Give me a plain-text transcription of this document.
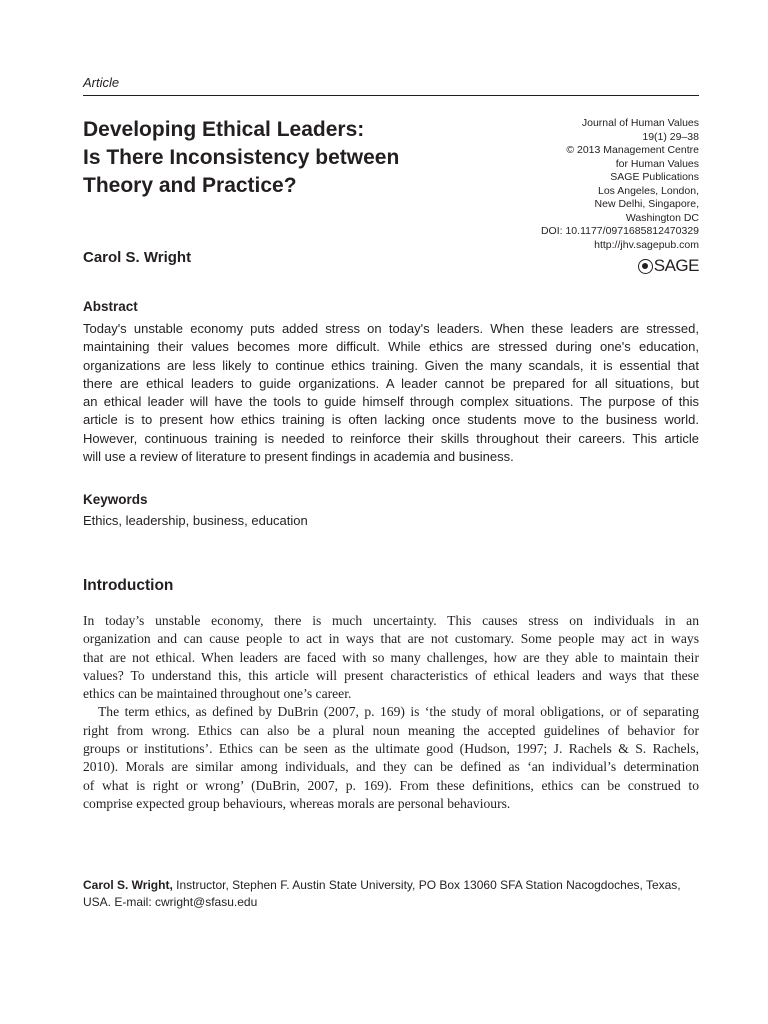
Article
Developing Ethical Leaders:
Is There Inconsistency between
Theory and Practice?
Journal of Human Values
19(1) 29–38
© 2013 Management Centre
for Human Values
SAGE Publications
Los Angeles, London,
New Delhi, Singapore,
Washington DC
DOI: 10.1177/0971685812470329
http://jhv.sagepub.com
SAGE
Carol S. Wright
Abstract
Today's unstable economy puts added stress on today's leaders. When these leaders are stressed,
maintaining their values becomes more difficult. While ethics are stressed during one's education,
organizations are less likely to continue ethics training. Given the many scandals, it is essential that
there are ethical leaders to guide organizations. A leader cannot be prepared for all situations, but
an ethical leader will have the tools to guide himself through complex situations. The purpose of this
article is to present how ethics training is often lacking once students move to the business world.
However, continuous training is needed to reinforce their skills throughout their careers. This article
will use a review of literature to present findings in academia and business.
Keywords
Ethics, leadership, business, education
Introduction
In today’s unstable economy, there is much uncertainty. This causes stress on individuals in an
organization and can cause people to act in ways that are not customary. Some people may act in ways
that are not ethical. When leaders are faced with so many challenges, how are they able to maintain their
values? To understand this, this article will present characteristics of ethical leaders and ways that these
ethics can be maintained throughout one’s career.
The term ethics, as defined by DuBrin (2007, p. 169) is ‘the study of moral obligations, or of separating
right from wrong. Ethics can also be a plural noun meaning the accepted guidelines of behavior for
groups or institutions’. Ethics can be seen as the ultimate good (Hudson, 1997; J. Rachels & S. Rachels,
2010). Morals are similar among individuals, and they can be defined as ‘an individual’s determination
of what is right or wrong’ (DuBrin, 2007, p. 169). From these definitions, ethics can be construed to
comprise expected group behaviours, whereas morals are personal behaviours.
Carol S. Wright, Instructor, Stephen F. Austin State University, PO Box 13060 SFA Station Nacogdoches, Texas,
USA. E-mail: cwright@sfasu.edu
